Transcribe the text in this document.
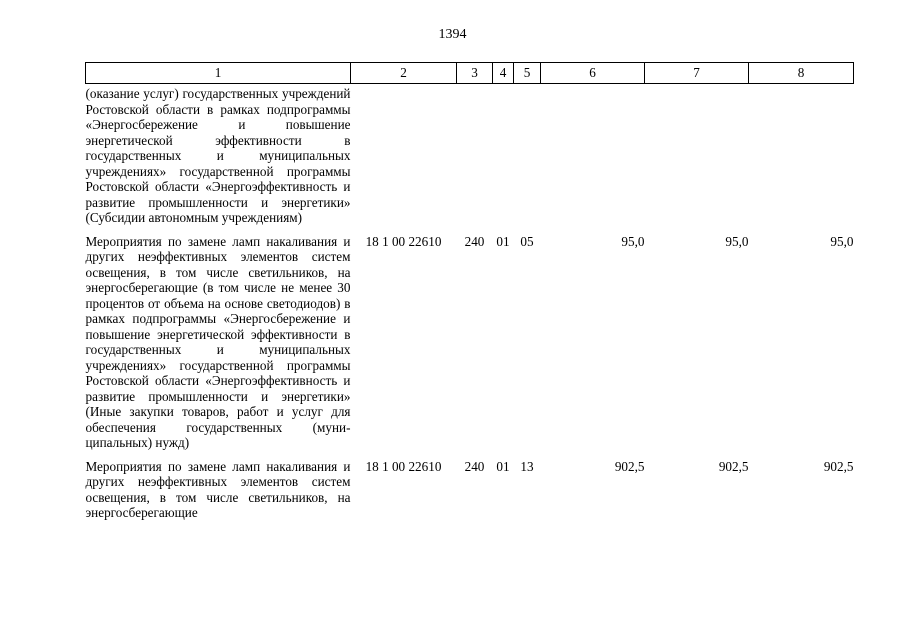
1394
1	2	3	4	5	6	7	8
(оказание услуг) государственных учреждений Ростовской области в рамках подпрограммы «Энергосбережение и повышение энергетической эффективности в государственных и муниципальных учреждениях» государственной программы Ростовской области «Энергоэффективность и развитие промышленности и энергетики» (Субсидии автономным учреждениям)							
Мероприятия по замене ламп накаливания и других неэффективных элементов систем освещения, в том числе светильников, на энергосберегающие (в том числе не менее 30 процентов от объема на основе светодиодов) в рамках подпрограммы «Энергосбережение и повышение энергетической эффективности в государственных и муниципальных учреждениях» государственной программы Ростовской области «Энергоэффективность и развитие промышленности и энергетики» (Иные закупки товаров, работ и услуг для обеспечения государственных (муниципальных) нужд)	18 1 00 22610	240	01	05	95,0	95,0	95,0
Мероприятия по замене ламп накаливания и других неэффективных элементов систем освещения, в том числе светильников, на энергосберегающие	18 1 00 22610	240	01	13	902,5	902,5	902,5
